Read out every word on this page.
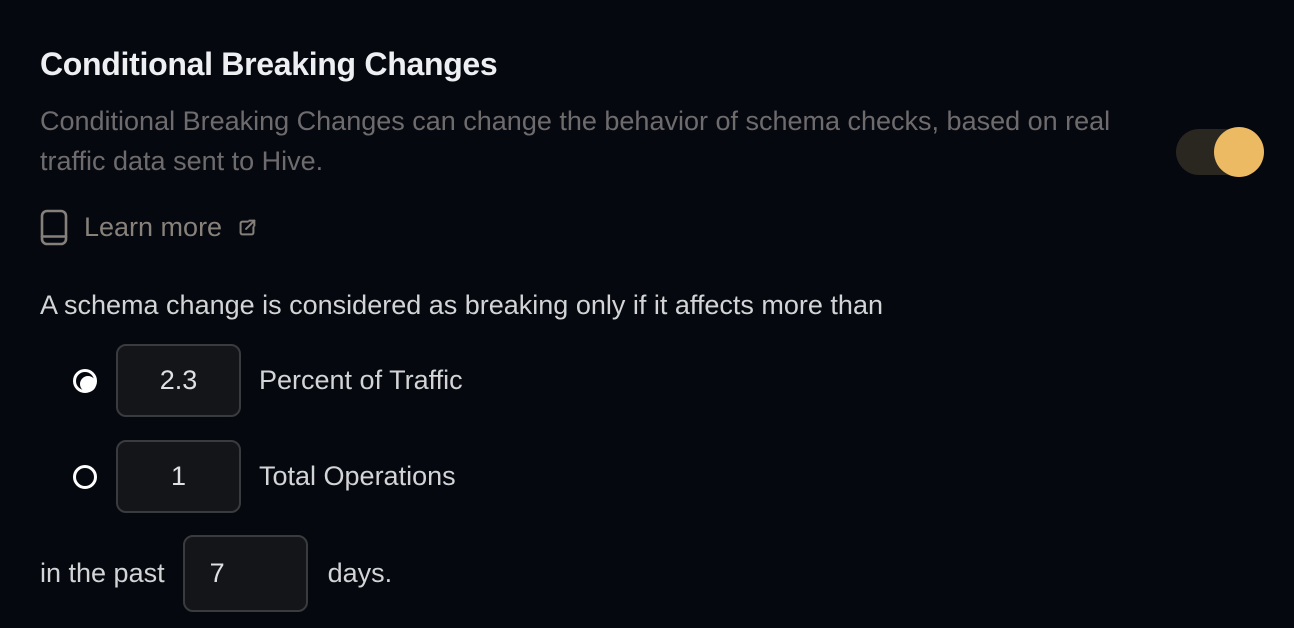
Conditional Breaking Changes

Conditional Breaking Changes can change the behavior of schema checks, based on real
traffic data sent to Hive.

Learn more

A schema change is considered as breaking only if it affects more than

2.3
Percent of Traffic
1
Total Operations
in the past
7	days.
